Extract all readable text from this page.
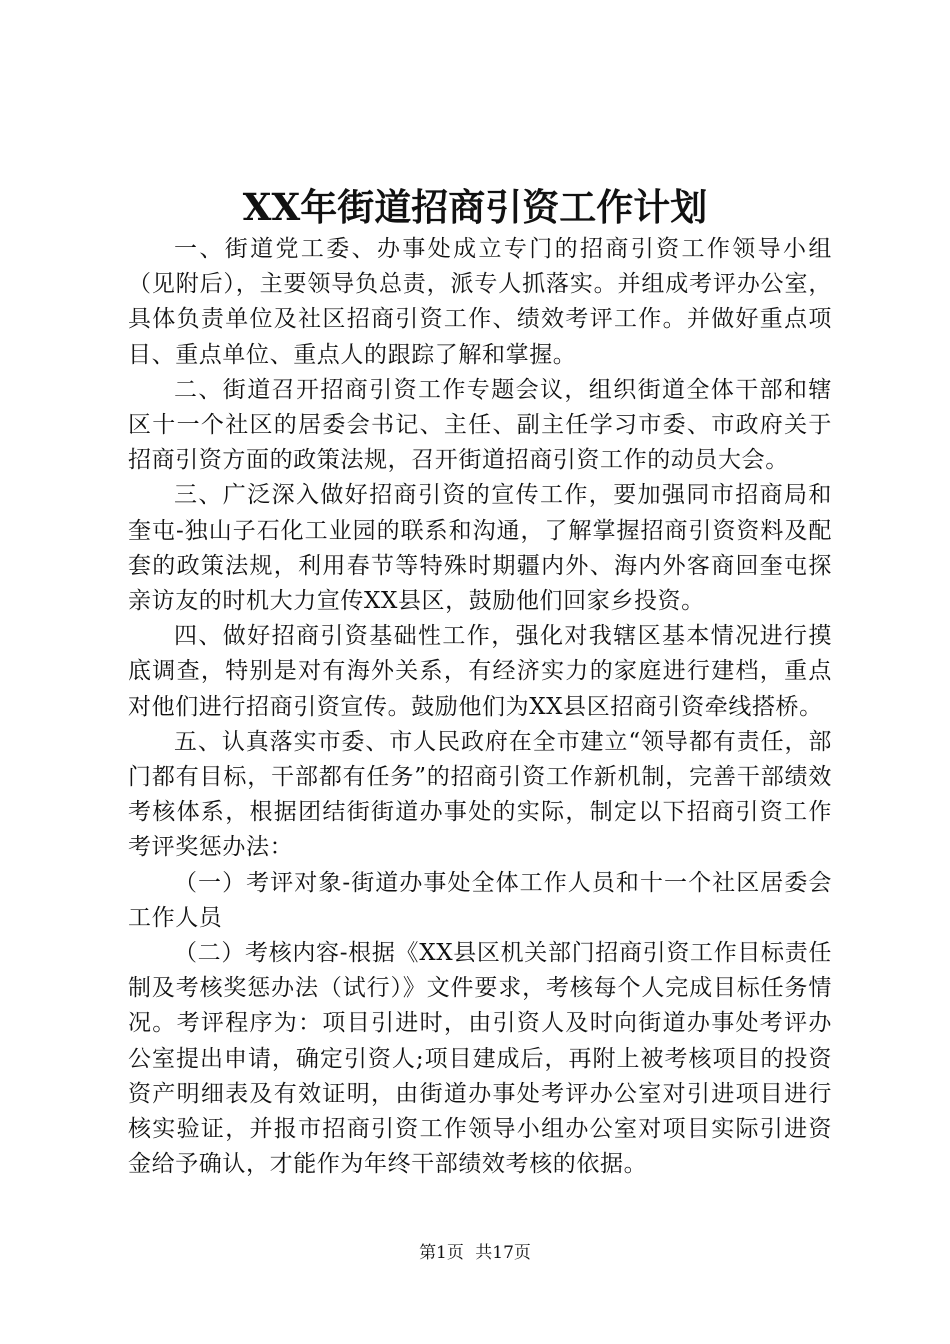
XX年街道招商引资工作计划

一、街道党工委、办事处成立专门的招商引资工作领导小组（见附后），主要领导负总责，派专人抓落实。并组成考评办公室，具体负责单位及社区招商引资工作、绩效考评工作。并做好重点项目、重点单位、重点人的跟踪了解和掌握。

二、街道召开招商引资工作专题会议，组织街道全体干部和辖区十一个社区的居委会书记、主任、副主任学习市委、市政府关于招商引资方面的政策法规，召开街道招商引资工作的动员大会。

三、广泛深入做好招商引资的宣传工作，要加强同市招商局和奎屯-独山子石化工业园的联系和沟通，了解掌握招商引资资料及配套的政策法规，利用春节等特殊时期疆内外、海内外客商回奎屯探亲访友的时机大力宣传XX县区，鼓励他们回家乡投资。

四、做好招商引资基础性工作，强化对我辖区基本情况进行摸底调查，特别是对有海外关系，有经济实力的家庭进行建档，重点对他们进行招商引资宣传。鼓励他们为XX县区招商引资牵线搭桥。

五、认真落实市委、市人民政府在全市建立“领导都有责任，部门都有目标，干部都有任务”的招商引资工作新机制，完善干部绩效考核体系，根据团结街街道办事处的实际，制定以下招商引资工作考评奖惩办法：

（一）考评对象-街道办事处全体工作人员和十一个社区居委会工作人员

（二）考核内容-根据《XX县区机关部门招商引资工作目标责任制及考核奖惩办法（试行）》文件要求，考核每个人完成目标任务情况。考评程序为：项目引进时，由引资人及时向街道办事处考评办公室提出申请，确定引资人;项目建成后，再附上被考核项目的投资资产明细表及有效证明，由街道办事处考评办公室对引进项目进行核实验证，并报市招商引资工作领导小组办公室对项目实际引进资金给予确认，才能作为年终干部绩效考核的依据。

第1页 共17页
